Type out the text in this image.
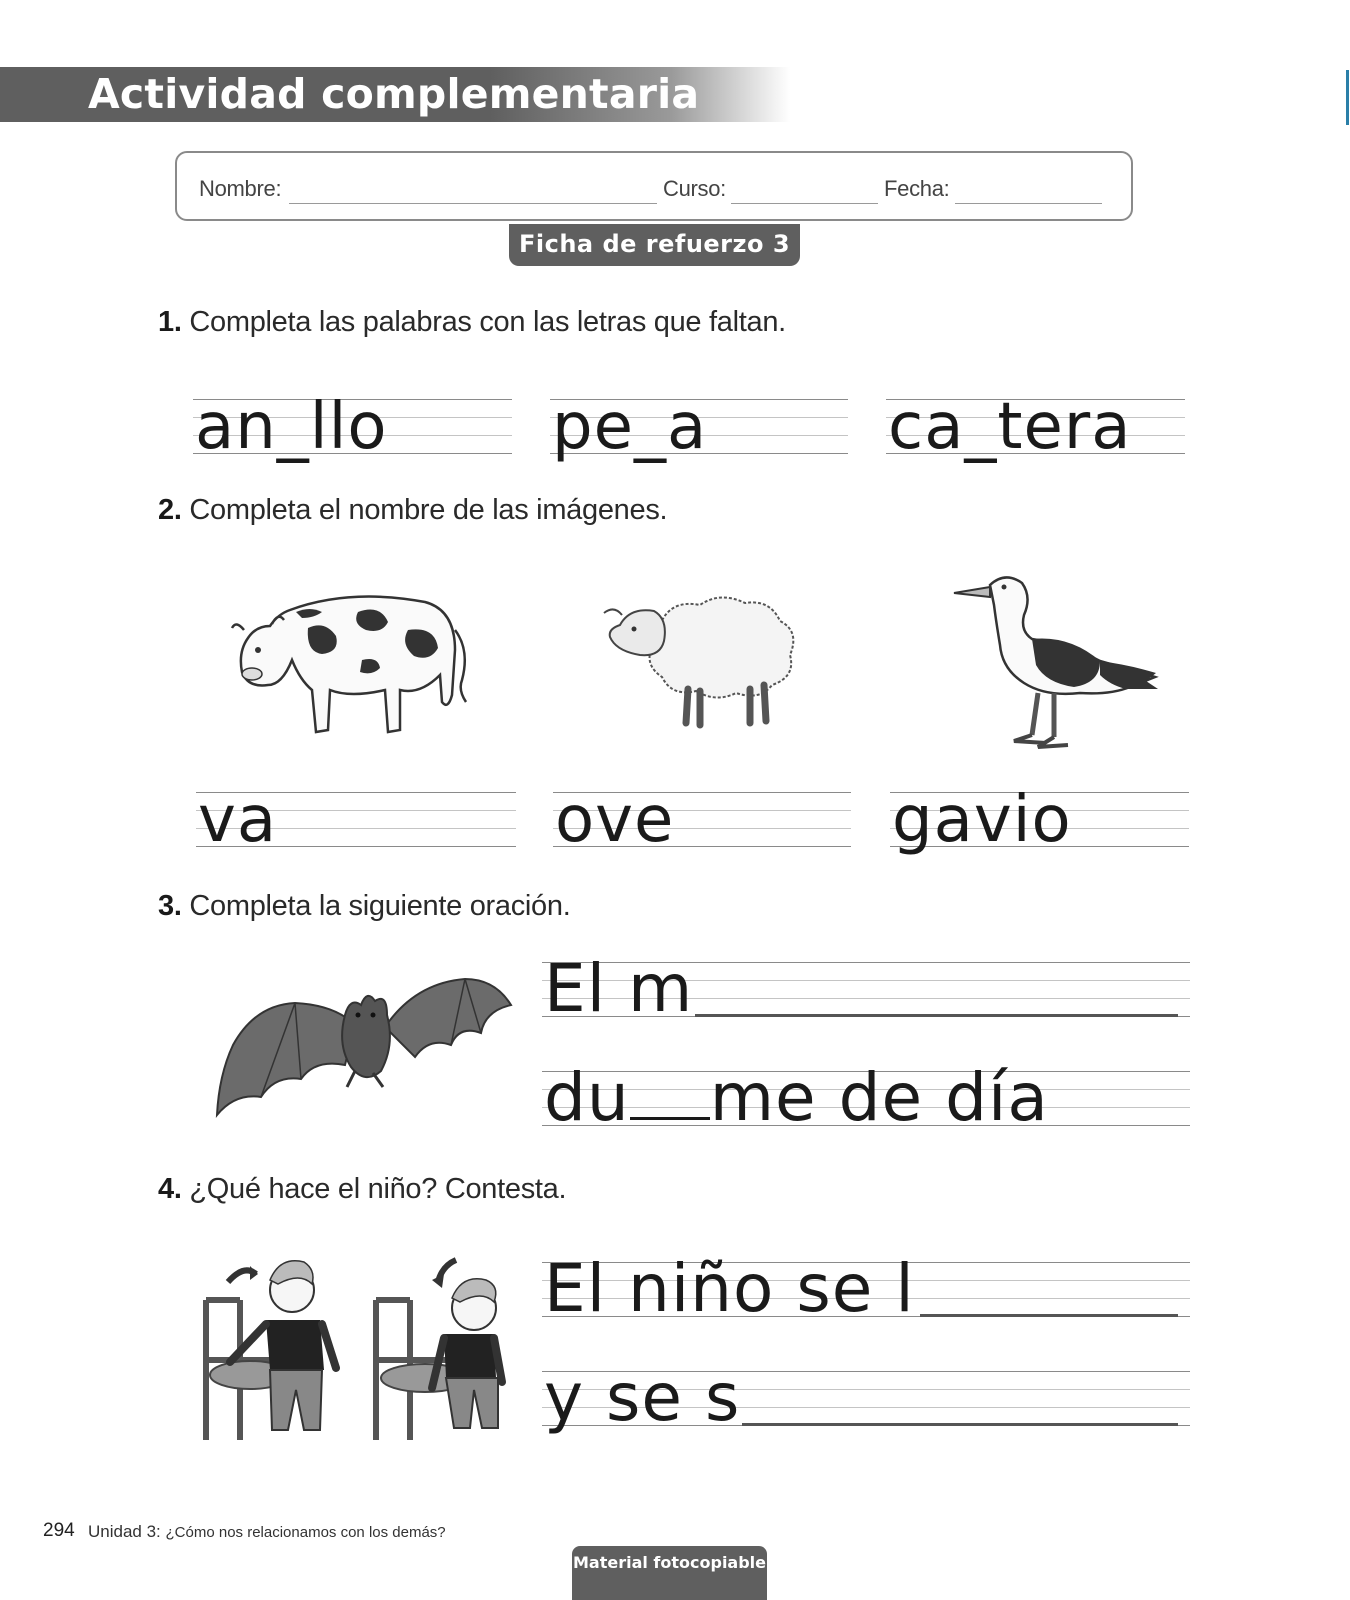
Actividad complementaria
Nombre:	Curso:	Fecha:
Ficha de refuerzo 3
1. Completa las palabras con las letras que faltan.
an_llo	pe_a	ca_tera
2. Completa el nombre de las imágenes.
va	ove	gavio
3. Completa la siguiente oración.
El m
du me de día
4. ¿Qué hace el niño? Contesta.
El niño se l
y se s
294 Unidad 3: ¿Cómo nos relacionamos con los demás?
Material fotocopiable
